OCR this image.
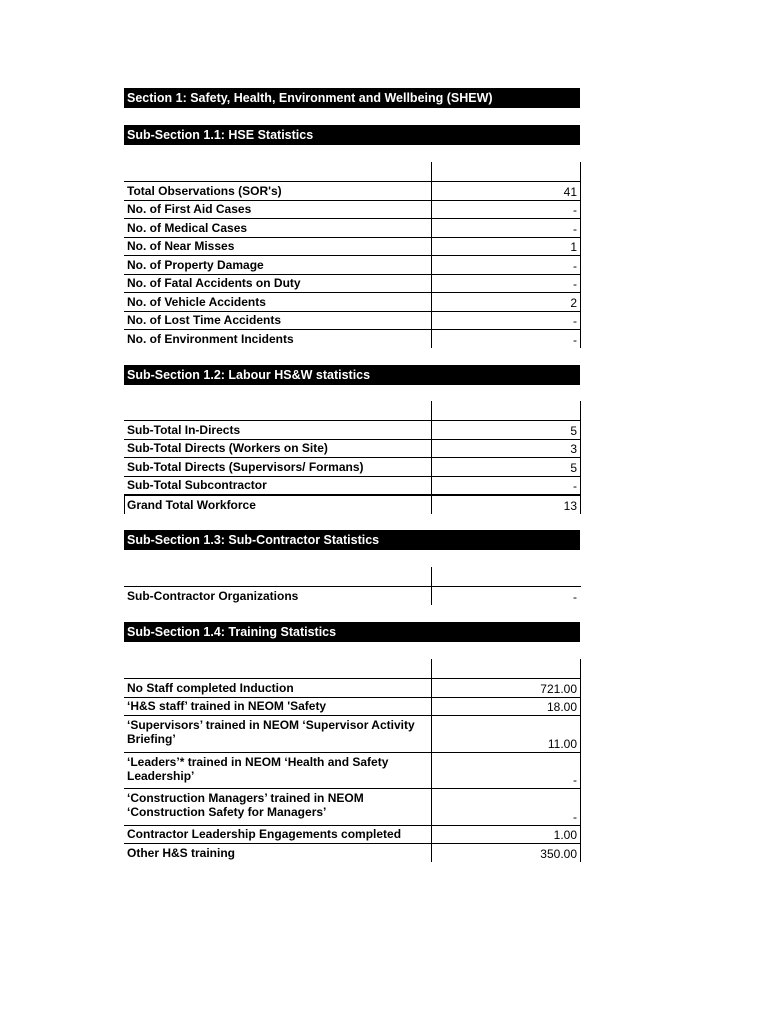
Section 1: Safety, Health, Environment and Wellbeing (SHEW)
Sub-Section 1.1: HSE Statistics
Total Observations (SOR's)	41
No. of First Aid Cases	-
No. of Medical Cases	-
No. of Near Misses	1
No. of Property Damage	-
No. of Fatal Accidents on Duty	-
No. of Vehicle Accidents	2
No. of Lost Time Accidents	-
No. of Environment Incidents	-
Sub-Section 1.2: Labour HS&W statistics
Sub-Total In-Directs	5
Sub-Total Directs (Workers on Site)	3
Sub-Total Directs (Supervisors/ Formans)	5
Sub-Total Subcontractor	-
Grand Total Workforce	13
Sub-Section 1.3: Sub-Contractor Statistics
Sub-Contractor Organizations	-
Sub-Section 1.4: Training Statistics
No Staff completed Induction	721.00
‘H&S staff’ trained in NEOM 'Safety	18.00
‘Supervisors’ trained in NEOM ‘Supervisor Activity Briefing’	11.00
‘Leaders’* trained in NEOM ‘Health and Safety Leadership’	-
‘Construction Managers’ trained in NEOM ‘Construction Safety for Managers’	-
Contractor Leadership Engagements completed	1.00
Other H&S training	350.00
